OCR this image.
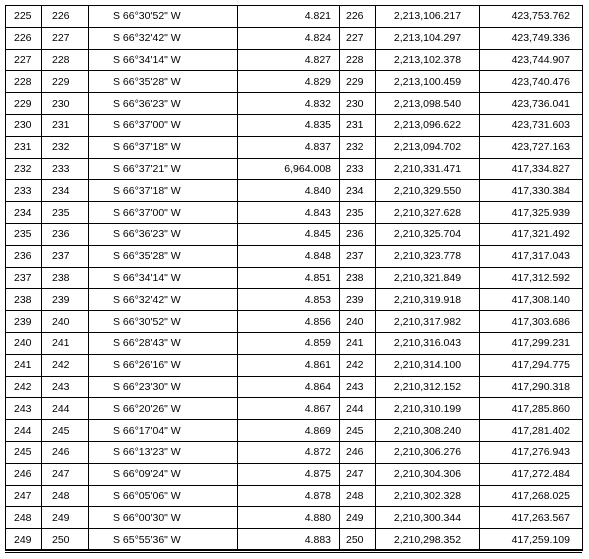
225	226	S 66°30'52" W	4.821	226	2,213,106.217	423,753.762
226	227	S 66°32'42" W	4.824	227	2,213,104.297	423,749.336
227	228	S 66°34'14" W	4.827	228	2,213,102.378	423,744.907
228	229	S 66°35'28" W	4.829	229	2,213,100.459	423,740.476
229	230	S 66°36'23" W	4.832	230	2,213,098.540	423,736.041
230	231	S 66°37'00" W	4.835	231	2,213,096.622	423,731.603
231	232	S 66°37'18" W	4.837	232	2,213,094.702	423,727.163
232	233	S 66°37'21" W	6,964.008	233	2,210,331.471	417,334.827
233	234	S 66°37'18" W	4.840	234	2,210,329.550	417,330.384
234	235	S 66°37'00" W	4.843	235	2,210,327.628	417,325.939
235	236	S 66°36'23" W	4.845	236	2,210,325.704	417,321.492
236	237	S 66°35'28" W	4.848	237	2,210,323.778	417,317.043
237	238	S 66°34'14" W	4.851	238	2,210,321.849	417,312.592
238	239	S 66°32'42" W	4.853	239	2,210,319.918	417,308.140
239	240	S 66°30'52" W	4.856	240	2,210,317.982	417,303.686
240	241	S 66°28'43" W	4.859	241	2,210,316.043	417,299.231
241	242	S 66°26'16" W	4.861	242	2,210,314.100	417,294.775
242	243	S 66°23'30" W	4.864	243	2,210,312.152	417,290.318
243	244	S 66°20'26" W	4.867	244	2,210,310.199	417,285.860
244	245	S 66°17'04" W	4.869	245	2,210,308.240	417,281.402
245	246	S 66°13'23" W	4.872	246	2,210,306.276	417,276.943
246	247	S 66°09'24" W	4.875	247	2,210,304.306	417,272.484
247	248	S 66°05'06" W	4.878	248	2,210,302.328	417,268.025
248	249	S 66°00'30" W	4.880	249	2,210,300.344	417,263.567
249	250	S 65°55'36" W	4.883	250	2,210,298.352	417,259.109
